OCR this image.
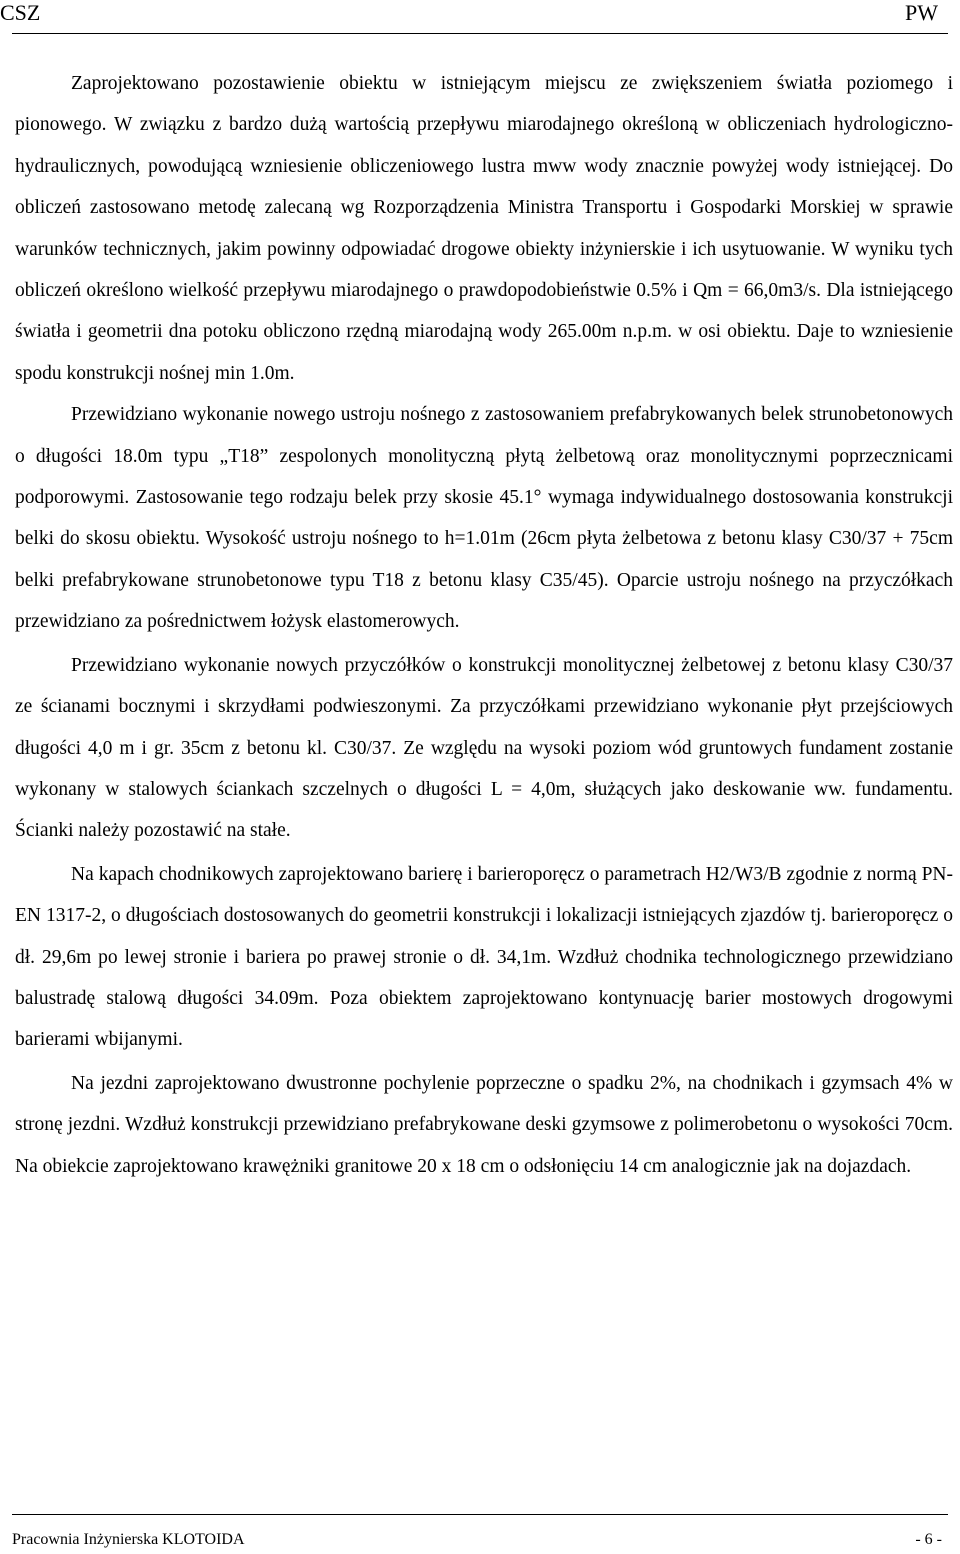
CSZ	PW

Zaprojektowano pozostawienie obiektu w istniejącym miejscu ze zwiększeniem światła poziomego i pionowego. W związku z bardzo dużą wartością przepływu miarodajnego określoną w obliczeniach hydrologiczno-hydraulicznych, powodującą wzniesienie obliczeniowego lustra mww wody znacznie powyżej wody istniejącej. Do obliczeń zastosowano metodę zalecaną wg Rozporządzenia Ministra Transportu i Gospodarki Morskiej w sprawie warunków technicznych, jakim powinny odpowiadać drogowe obiekty inżynierskie i ich usytuowanie. W wyniku tych obliczeń określono wielkość przepływu miarodajnego o prawdopodobieństwie 0.5% i Qm = 66,0m3/s. Dla istniejącego światła i geometrii dna potoku obliczono rzędną miarodajną wody 265.00m n.p.m. w osi obiektu. Daje to wzniesienie spodu konstrukcji nośnej min 1.0m.

Przewidziano wykonanie nowego ustroju nośnego z zastosowaniem prefabrykowanych belek strunobetonowych o długości 18.0m typu „T18” zespolonych monolityczną płytą żelbetową oraz monolitycznymi poprzecznicami podporowymi. Zastosowanie tego rodzaju belek przy skosie 45.1° wymaga indywidualnego dostosowania konstrukcji belki do skosu obiektu. Wysokość ustroju nośnego to h=1.01m (26cm płyta żelbetowa z betonu klasy C30/37 + 75cm belki prefabrykowane strunobetonowe typu T18 z betonu klasy C35/45). Oparcie ustroju nośnego na przyczółkach przewidziano za pośrednictwem łożysk elastomerowych.

Przewidziano wykonanie nowych przyczółków o konstrukcji monolitycznej żelbetowej z betonu klasy C30/37 ze ścianami bocznymi i skrzydłami podwieszonymi. Za przyczółkami przewidziano wykonanie płyt przejściowych długości 4,0 m i gr. 35cm z betonu kl. C30/37. Ze względu na wysoki poziom wód gruntowych fundament zostanie wykonany w stalowych ściankach szczelnych o długości L = 4,0m, służących jako deskowanie ww. fundamentu. Ścianki należy pozostawić na stałe.

Na kapach chodnikowych zaprojektowano barierę i barieroporęcz o parametrach H2/W3/B zgodnie z normą PN-EN 1317-2, o długościach dostosowanych do geometrii konstrukcji i lokalizacji istniejących zjazdów tj. barieroporęcz o dł. 29,6m po lewej stronie i bariera po prawej stronie o dł. 34,1m. Wzdłuż chodnika technologicznego przewidziano balustradę stalową długości 34.09m. Poza obiektem zaprojektowano kontynuację barier mostowych drogowymi barierami wbijanymi.

Na jezdni zaprojektowano dwustronne pochylenie poprzeczne o spadku 2%, na chodnikach i gzymsach 4% w stronę jezdni. Wzdłuż konstrukcji przewidziano prefabrykowane deski gzymsowe z polimerobetonu o wysokości 70cm. Na obiekcie zaprojektowano krawężniki granitowe 20 x 18 cm o odsłonięciu 14 cm analogicznie jak na dojazdach.

Pracownia Inżynierska KLOTOIDA	- 6 -
